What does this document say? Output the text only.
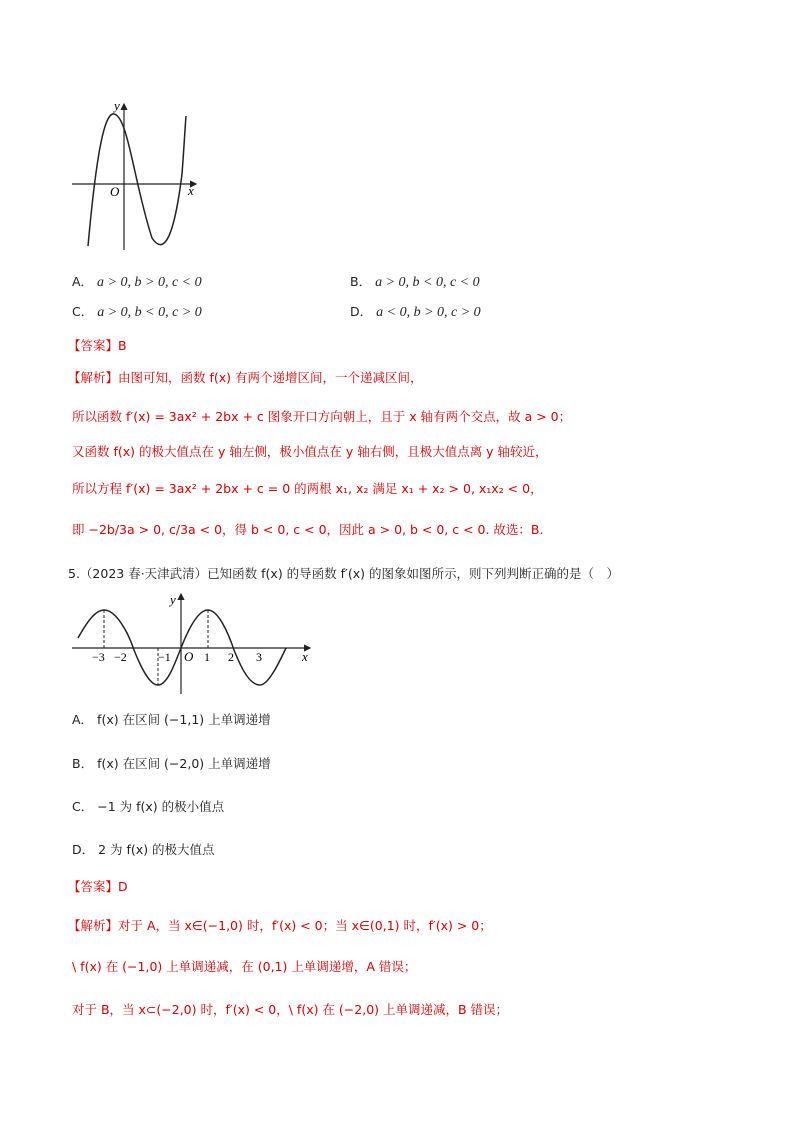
y
x
O
A． a > 0, b > 0, c < 0	B． a > 0, b < 0, c < 0
C． a > 0, b < 0, c > 0	D． a < 0, b > 0, c > 0
【答案】B
【解析】由图可知，函数 f(x) 有两个递增区间，一个递减区间，
所以函数 f′(x) = 3ax² + 2bx + c 图象开口方向朝上，且于 x 轴有两个交点，故 a > 0；
又函数 f(x) 的极大值点在 y 轴左侧，极小值点在 y 轴右侧，且极大值点离 y 轴较近，
所以方程 f′(x) = 3ax² + 2bx + c = 0 的两根 x₁, x₂ 满足 x₁ + x₂ > 0, x₁x₂ < 0，
即 −2b/3a > 0, c/3a < 0，得 b < 0, c < 0，因此 a > 0, b < 0, c < 0. 故选：B.
5.（2023 春·天津武清）已知函数 f(x) 的导函数 f′(x) 的图象如图所示，则下列判断正确的是（　）
y
x
O
−3 −2	−1	1 2 3
A． f(x) 在区间 (−1,1) 上单调递增
B． f(x) 在区间 (−2,0) 上单调递增
C． −1 为 f(x) 的极小值点
D． 2 为 f(x) 的极大值点
【答案】D
【解析】对于 A，当 x∈(−1,0) 时，f′(x) < 0；当 x∈(0,1) 时，f′(x) > 0；
\ f(x) 在 (−1,0) 上单调递减，在 (0,1) 上单调递增，A 错误；
对于 B，当 x⊂(−2,0) 时，f′(x) < 0，\ f(x) 在 (−2,0) 上单调递减，B 错误；
